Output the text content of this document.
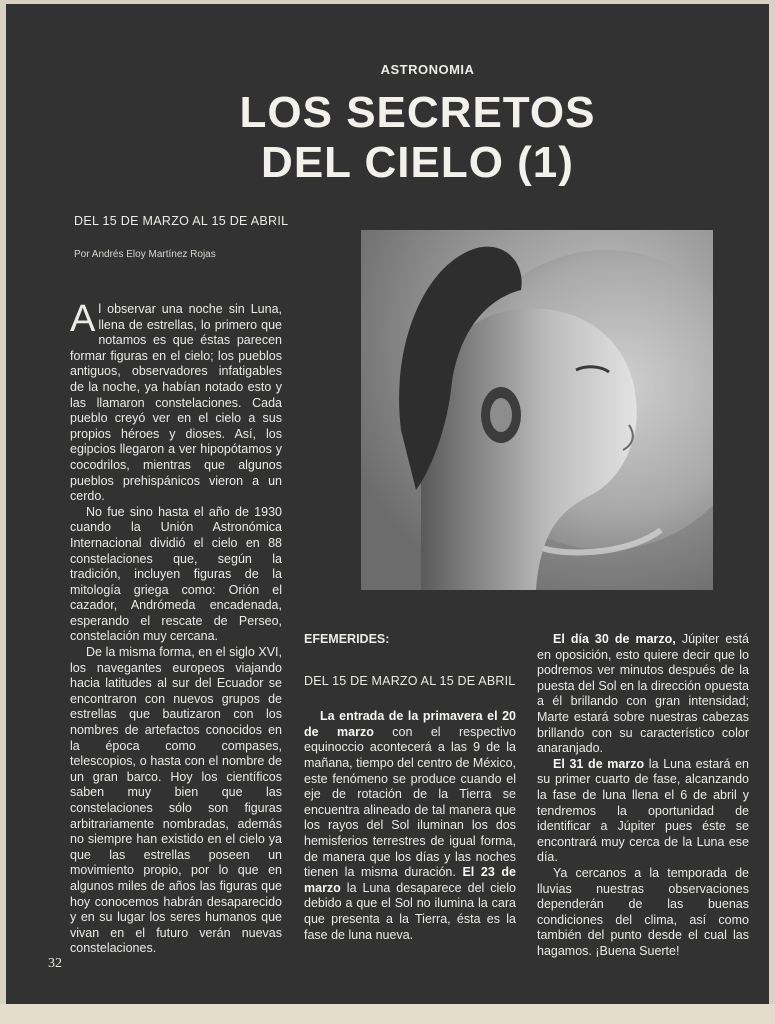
ASTRONOMIA
LOS SECRETOS
DEL CIELO (1)
DEL 15 DE MARZO AL 15 DE ABRIL
Por Andrés Eloy Martínez Rojas

Al observar una noche sin Luna, llena de estrellas, lo primero que notamos es que éstas parecen formar figuras en el cielo; los pueblos antiguos, observadores infatigables de la noche, ya habían notado esto y las llamaron constelaciones. Cada pueblo creyó ver en el cielo a sus propios héroes y dioses. Así, los egipcios llegaron a ver hipopótamos y cocodrilos, mientras que algunos pueblos prehispánicos vieron a un cerdo.

No fue sino hasta el año de 1930 cuando la Unión Astronómica Internacional dividió el cielo en 88 constelaciones que, según la tradición, incluyen figuras de la mitología griega como: Orión el cazador, Andrómeda encadenada, esperando el rescate de Perseo, constelación muy cercana.

De la misma forma, en el siglo XVI, los navegantes europeos viajando hacia latitudes al sur del Ecuador se encontraron con nuevos grupos de estrellas que bautizaron con los nombres de artefactos conocidos en la época como compases, telescopios, o hasta con el nombre de un gran barco. Hoy los científicos saben muy bien que las constelaciones sólo son figuras arbitrariamente nombradas, además no siempre han existido en el cielo ya que las estrellas poseen un movimiento propio, por lo que en algunos miles de años las figuras que hoy conocemos habrán desaparecido y en su lugar los seres humanos que vivan en el futuro verán nuevas constelaciones.

EFEMERIDES:
DEL 15 DE MARZO AL 15 DE ABRIL

La entrada de la primavera el 20 de marzo con el respectivo equinoccio acontecerá a las 9 de la mañana, tiempo del centro de México, este fenómeno se produce cuando el eje de rotación de la Tierra se encuentra alineado de tal manera que los rayos del Sol iluminan los dos hemisferios terrestres de igual forma, de manera que los días y las noches tienen la misma duración. El 23 de marzo la Luna desaparece del cielo debido a que el Sol no ilumina la cara que presenta a la Tierra, ésta es la fase de luna nueva.

El día 30 de marzo, Júpiter está en oposición, esto quiere decir que lo podremos ver minutos después de la puesta del Sol en la dirección opuesta a él brillando con gran intensidad; Marte estará sobre nuestras cabezas brillando con su característico color anaranjado.

El 31 de marzo la Luna estará en su primer cuarto de fase, alcanzando la fase de luna llena el 6 de abril y tendremos la oportunidad de identificar a Júpiter pues éste se encontrará muy cerca de la Luna ese día.

Ya cercanos a la temporada de lluvias nuestras observaciones dependerán de las buenas condiciones del clima, así como también del punto desde el cual las hagamos. ¡Buena Suerte!

32
